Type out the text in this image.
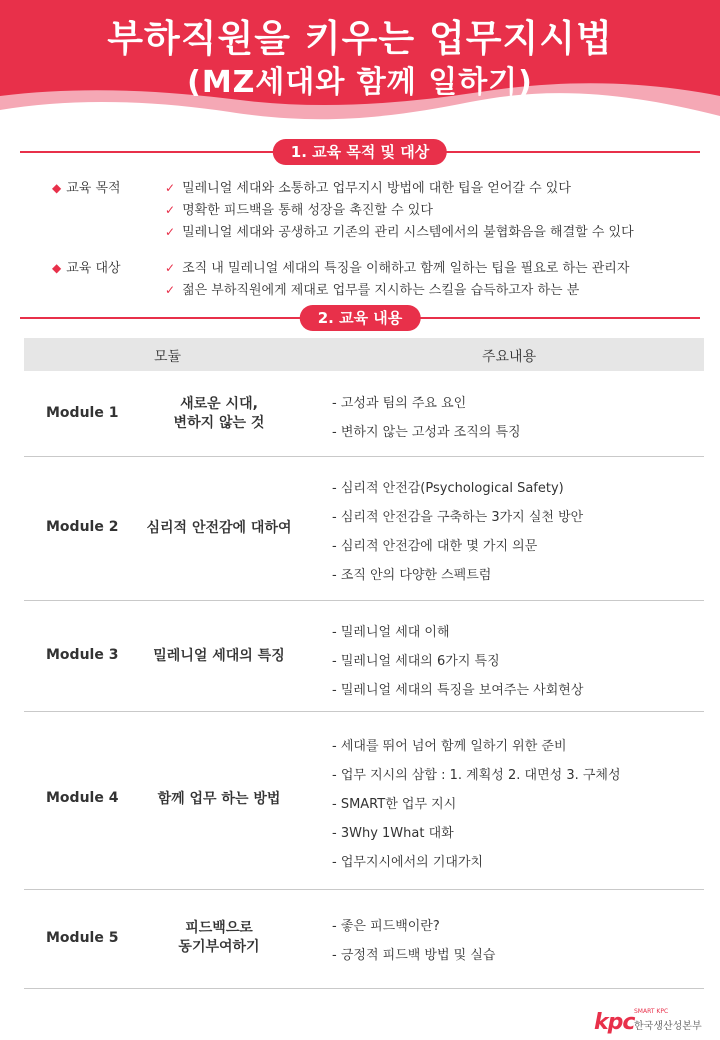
부하직원을 키우는 업무지시법
(MZ세대와 함께 일하기)
1. 교육 목적 및 대상
◆ 교육 목적	✓ 밀레니얼 세대와 소통하고 업무지시 방법에 대한 팁을 얻어갈 수 있다
✓ 명확한 피드백을 통해 성장을 촉진할 수 있다
✓ 밀레니얼 세대와 공생하고 기존의 관리 시스템에서의 불협화음을 해결할 수 있다
◆ 교육 대상	✓ 조직 내 밀레니얼 세대의 특징을 이해하고 함께 일하는 팁을 필요로 하는 관리자
✓ 젊은 부하직원에게 제대로 업무를 지시하는 스킬을 습득하고자 하는 분
2. 교육 내용
모듈	주요내용
Module 1
새로운 시대,
변하지 않는 것
- 고성과 팀의 주요 요인
- 변하지 않는 고성과 조직의 특징
Module 2	심리적 안전감에 대하여
- 심리적 안전감(Psychological Safety)
- 심리적 안전감을 구축하는 3가지 실천 방안
- 심리적 안전감에 대한 몇 가지 의문
- 조직 안의 다양한 스펙트럼
Module 3	밀레니얼 세대의 특징
- 밀레니얼 세대 이해
- 밀레니얼 세대의 6가지 특징
- 밀레니얼 세대의 특징을 보여주는 사회현상
Module 4	함께 업무 하는 방법
- 세대를 뛰어 넘어 함께 일하기 위한 준비
- 업무 지시의 삼합 : 1. 계획성 2. 대면성 3. 구체성
- SMART한 업무 지시
- 3Why 1What 대화
- 업무지시에서의 기대가치
Module 5
피드백으로
동기부여하기
- 좋은 피드백이란?
- 긍정적 피드백 방법 및 실습
kpc SMART KPC
한국생산성본부
